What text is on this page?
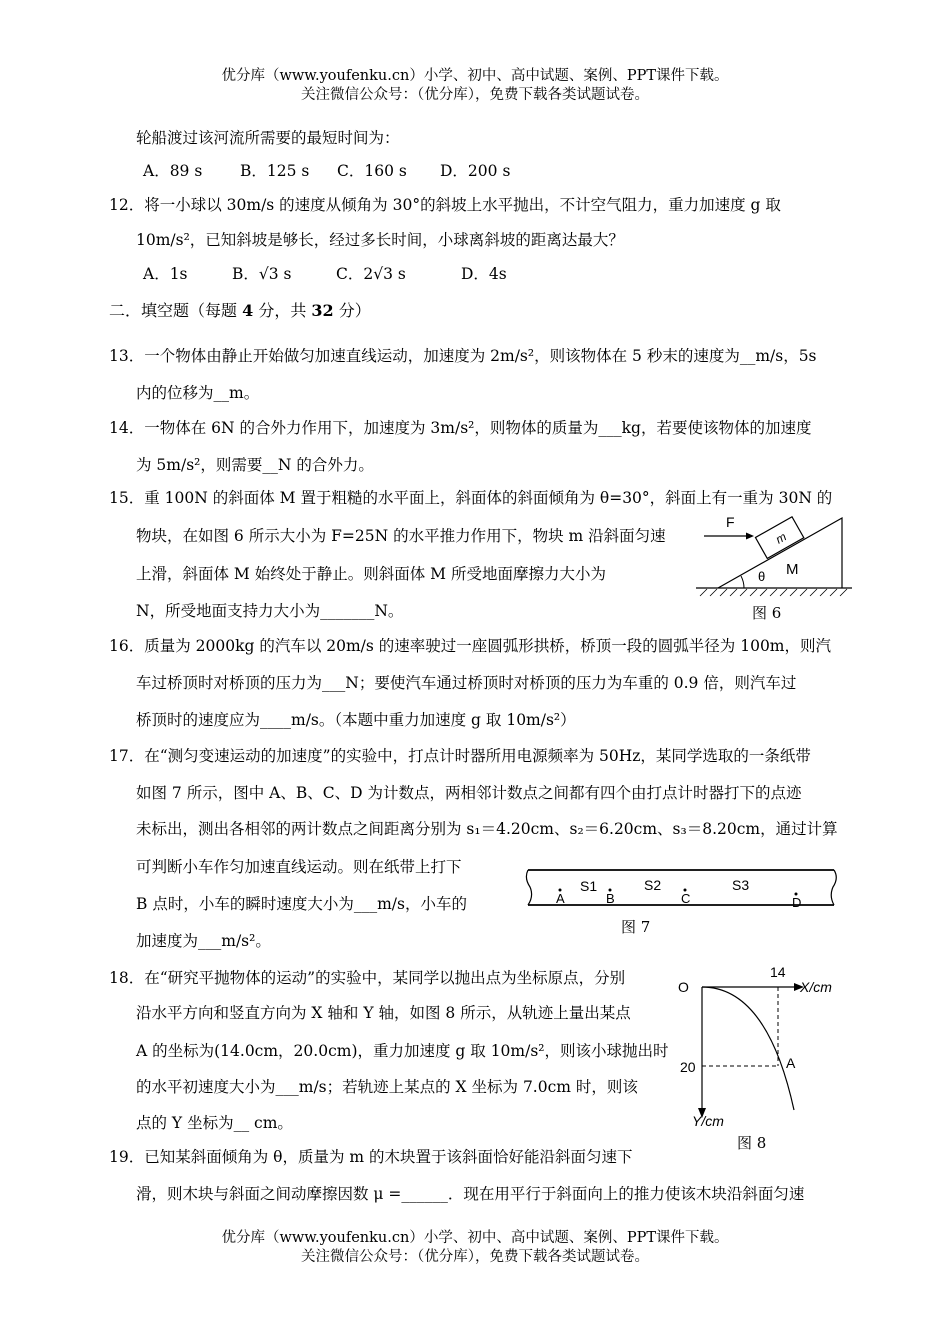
优分库（www.youfenku.cn）小学、初中、高中试题、案例、PPT课件下载。
关注微信公众号：（优分库），免费下载各类试题试卷。
轮船渡过该河流所需要的最短时间为：
A．89 s B．125 s C．160 s D．200 s
12．将一小球以 30m/s 的速度从倾角为 30°的斜坡上水平抛出，不计空气阻力，重力加速度 g 取
10m/s²，已知斜坡是够长，经过多长时间，小球离斜坡的距离达最大？
A．1s	B．√3 s	C．2√3 s	D．4s
二．填空题（每题 4 分，共 32 分）
13．一个物体由静止开始做匀加速直线运动，加速度为 2m/s²，则该物体在 5 秒末的速度为__m/s，5s
内的位移为__m。
14．一物体在 6N 的合外力作用下，加速度为 3m/s²，则物体的质量为___kg，若要使该物体的加速度
为 5m/s²，则需要__N 的合外力。
15．重 100N 的斜面体 M 置于粗糙的水平面上，斜面体的斜面倾角为 θ=30°，斜面上有一重为 30N 的
物块，在如图 6 所示大小为 F=25N 的水平推力作用下，物块 m 沿斜面匀速
上滑，斜面体 M 始终处于静止。则斜面体 M 所受地面摩擦力大小为
N，所受地面支持力大小为_______N。
m
F
θ M
图 6
16．质量为 2000kg 的汽车以 20m/s 的速率驶过一座圆弧形拱桥，桥顶一段的圆弧半径为 100m，则汽
车过桥顶时对桥顶的压力为___N；要使汽车通过桥顶时对桥顶的压力为车重的 0.9 倍，则汽车过
桥顶时的速度应为____m/s。（本题中重力加速度 g 取 10m/s²）
17．在“测匀变速运动的加速度”的实验中，打点计时器所用电源频率为 50Hz，某同学选取的一条纸带
如图 7 所示，图中 A、B、C、D 为计数点，两相邻计数点之间都有四个由打点计时器打下的点迹
未标出，测出各相邻的两计数点之间距离分别为 s₁＝4.20cm、s₂＝6.20cm、s₃＝8.20cm，通过计算
可判断小车作匀加速直线运动。则在纸带上打下
B 点时，小车的瞬时速度大小为___m/s，小车的
加速度为___m/s²。
A	B	C	D
S1	S2	S3
图 7
18．在“研究平抛物体的运动”的实验中，某同学以抛出点为坐标原点，分别
沿水平方向和竖直方向为 X 轴和 Y 轴，如图 8 所示，从轨迹上量出某点
A 的坐标为(14.0cm，20.0cm)，重力加速度 g 取 10m/s²，则该小球抛出时
的水平初速度大小为___m/s；若轨迹上某点的 X 坐标为 7.0cm 时，则该
点的 Y 坐标为__ cm。
O
14
X/cm
20	A
Y/cm
图 8
19．已知某斜面倾角为 θ，质量为 m 的木块置于该斜面恰好能沿斜面匀速下
滑，则木块与斜面之间动摩擦因数 μ =______．现在用平行于斜面向上的推力使该木块沿斜面匀速
优分库（www.youfenku.cn）小学、初中、高中试题、案例、PPT课件下载。
关注微信公众号：（优分库），免费下载各类试题试卷。
